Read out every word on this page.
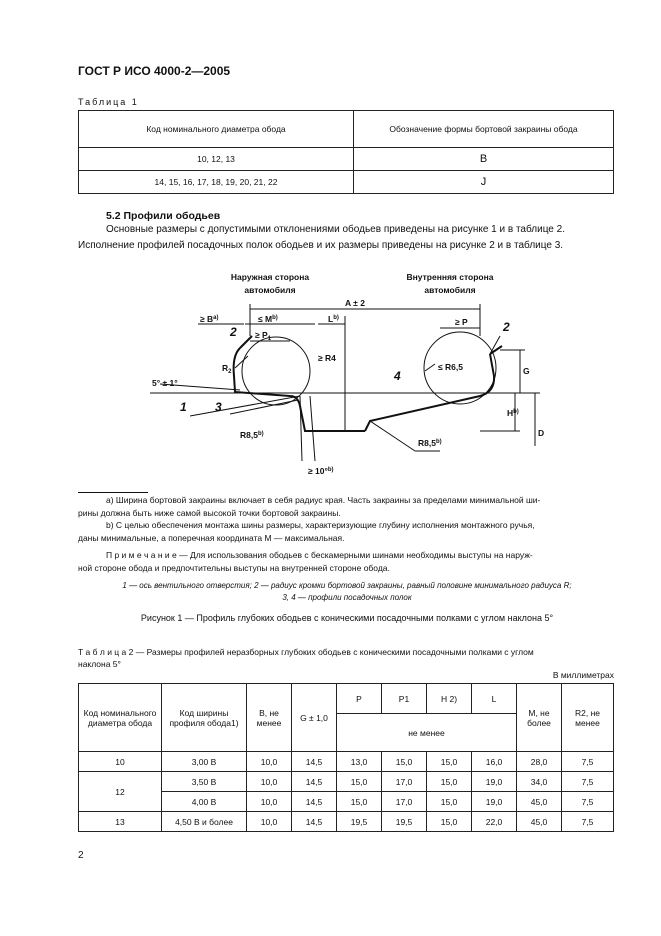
ГОСТ Р ИСО 4000-2—2005
Таблица 1
Код номинального диаметра обода	Обозначение формы бортовой закраины обода
10, 12, 13	B
14, 15, 16, 17, 18, 19, 20, 21, 22	J
5.2 Профили ободьев
Основные размеры с допустимыми отклонениями ободьев приведены на рисунке 1 и в таблице 2.
Исполнение профилей посадочных полок ободьев и их размеры приведены на рисунке 2 и в таблице 3.
Наружная сторона
автомобиля
Внутренняя сторона
автомобиля
A ± 2
≥ $B^{a)}$	≤ $M^{b)}$	$L^{b)}$
≥ $P_1$
≥ P
$R_2$
≥ R4
≤ R6,5
R8,5$^{b)}$
R8,5$^{b)}$
5° ± 1°
≥ 10°$^{b)}$
G
$H^{b)}$
D
1
2	2
3
4
a) Ширина бортовой закраины включает в себя радиус края. Часть закраины за пределами минимальной ши-
рины должна быть ниже самой высокой точки бортовой закраины.
b) С целью обеспечения монтажа шины размеры, характеризующие глубину исполнения монтажного ручья,
даны минимальные, а поперечная координата M — максимальная.
П р и м е ч а н и е — Для использования ободьев с бескамерными шинами необходимы выступы на наруж-
ной стороне обода и предпочтительны выступы на внутренней стороне обода.
1 — ось вентильного отверстия; 2 — радиус кромки бортовой закраины, равный половине минимального радиуса R;
3, 4 — профили посадочных полок
Рисунок 1 — Профиль глубоких ободьев с коническими посадочными полками с углом наклона 5°
Т а б л и ц а 2 — Размеры профилей неразборных глубоких ободьев с коническими посадочными полками с углом
наклона 5°
В миллиметрах
Код номинального диаметра обода	Код ширины профиля обода1)	B, не менее	G ± 1,0	P	P1	H 2)	L	M, не более	R2, не менее
				не менее					
10	3,00 B	10,0	14,5	13,0	15,0	15,0	16,0	28,0	7,5
12	3,50 B	10,0	14,5	15,0	17,0	15,0	19,0	34,0	7,5
	4,00 B	10,0	14,5	15,0	17,0	15,0	19,0	45,0	7,5
13	4,50 B и более	10,0	14,5	19,5	19,5	15,0	22,0	45,0	7,5
2
